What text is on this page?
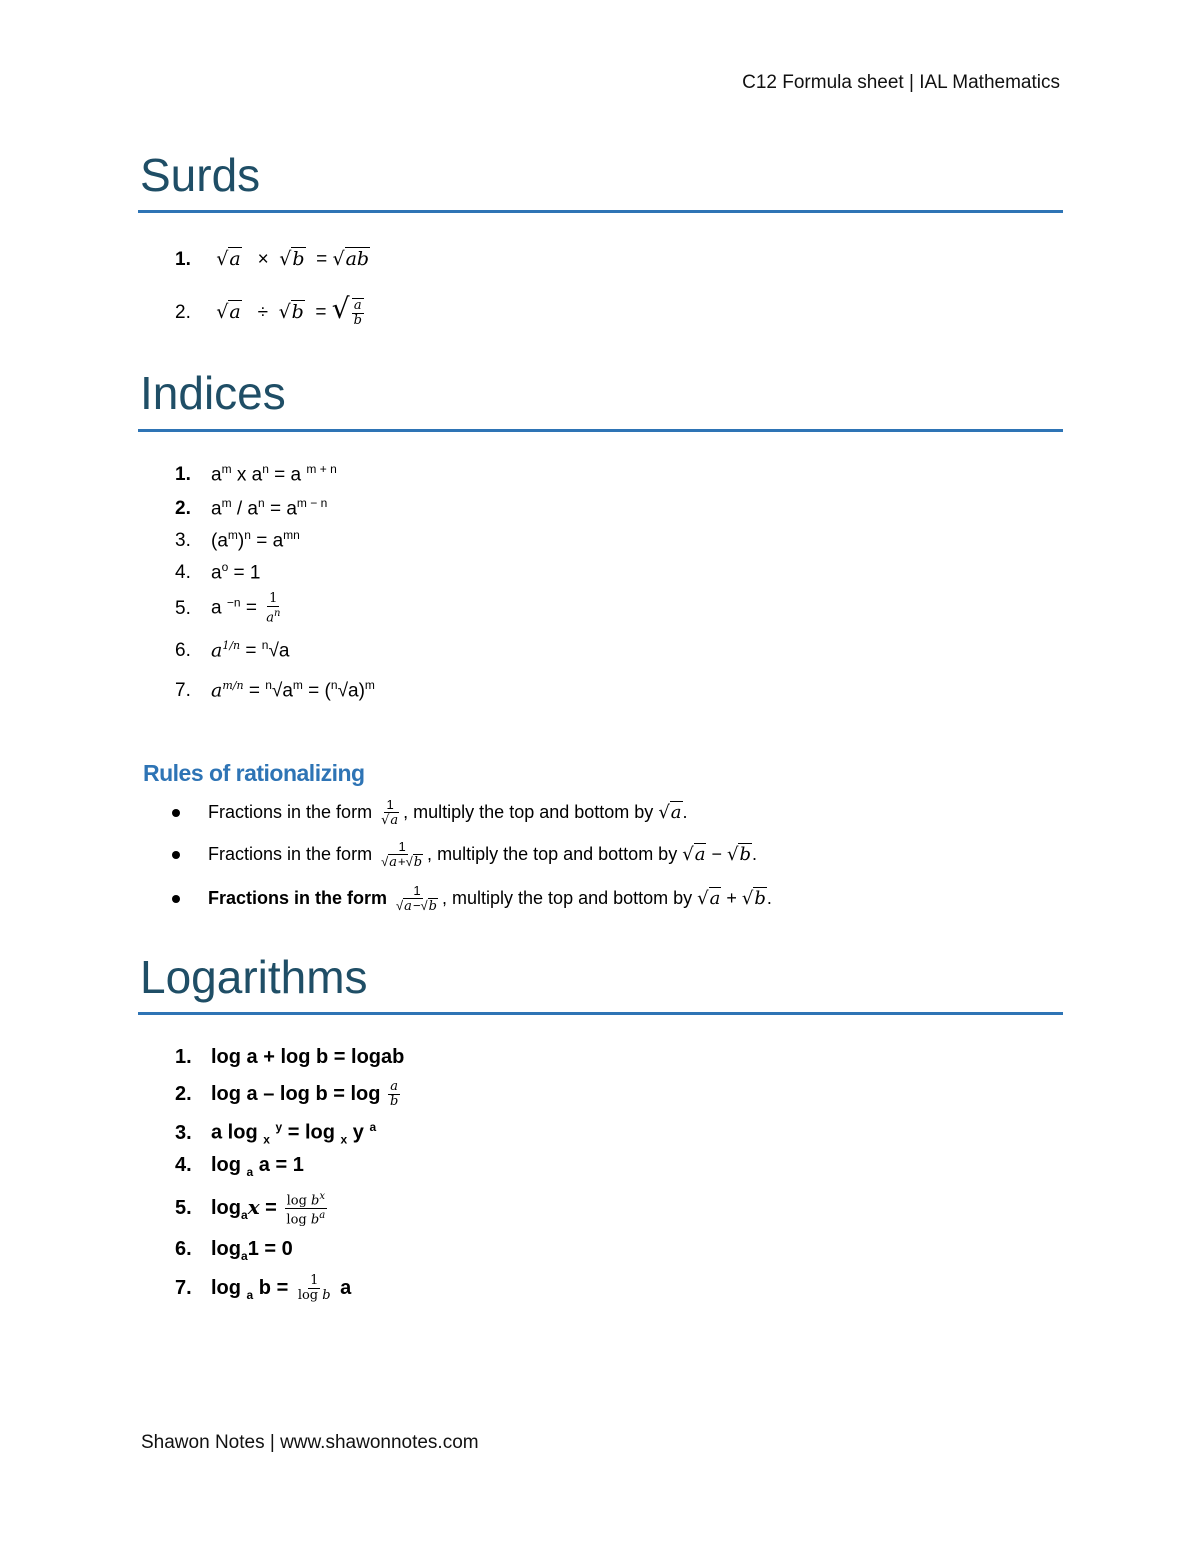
C12 Formula sheet | IAL Mathematics
Surds
1. √a × √b = √ab
2. √a ÷ √b = √ $\frac{a}{b}$
Indices
1. $a^m$ x $a^n = a$ $^{m + n}$
2. $a^m / a^n = a^{m - n}$
3. $(a^m)^n = a^{mn}$
4. $a^o = 1$
5. a $^{-n} = \frac{1}{a^n}$
6. $a^{1/n} = ^n√a$
7. $a^{m/n} = ^n√a^m = (^n√a)^m$
Rules of rationalizing
Fractions in the form $\frac{1}{√a}$ , multiply the top and bottom by √a.
Fractions in the form $\frac{1}{√a+√b}$ , multiply the top and bottom by √a − √b.
Fractions in the form $\frac{1}{√a-√b}$ , multiply the top and bottom by √a + √b.
Logarithms
1. log a + log b = logab
2. $\log a - \log b = \log \frac{a}{b}$
3. a log $_x$ $^y$ = log $_x$ y $^a$
4. log $_a$ a = 1
5. $\log_ax = \frac{\log b^x}{\log b^a}$
6. $\log_a1 = 0$
7. log $_a$ $b = \frac{1}{\text{log b}}$ a
Shawon Notes | www.shawonnotes.com
